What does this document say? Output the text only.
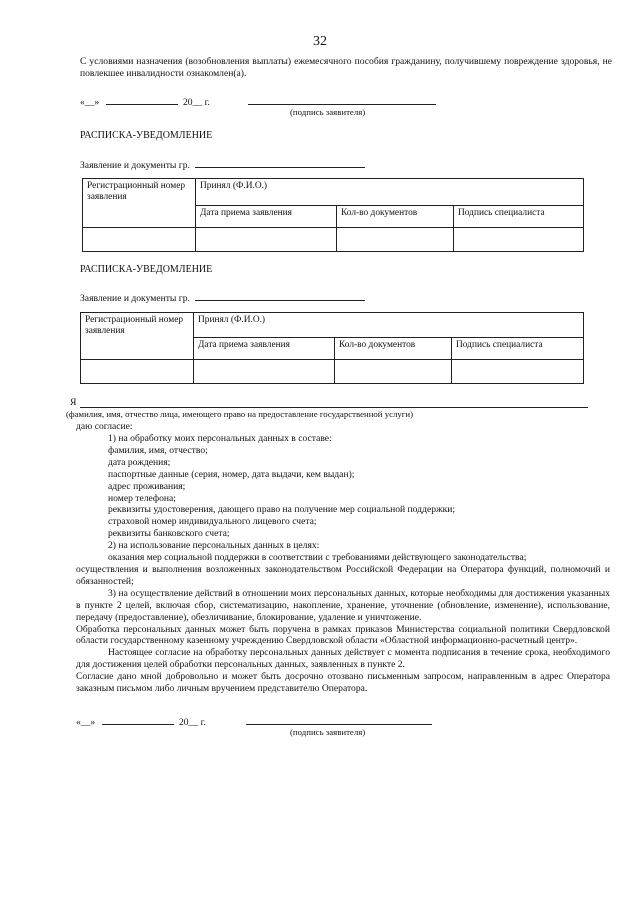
32
С условиями назначения (возобновления выплаты) ежемесячного пособия гражданину, получившему повреждение здоровья, не повлекшее инвалидности ознакомлен(а).
«__»	20__ г.
(подпись заявителя)
РАСПИСКА-УВЕДОМЛЕНИЕ
Заявление и документы гр.
Регистрационный номер заявления	Принял (Ф.И.О.)		
	Дата приема заявления	Кол-во документов	Подпись специалиста

РАСПИСКА-УВЕДОМЛЕНИЕ
Заявление и документы гр.
Регистрационный номер заявления	Принял (Ф.И.О.)		
	Дата приема заявления	Кол-во документов	Подпись специалиста

Я
(фамилия, имя, отчество лица, имеющего право на предоставление государственной услуги)
даю согласие:

1) на обработку моих персональных данных в составе:

фамилия, имя, отчество;

дата рождения;

паспортные данные (серия, номер, дата выдачи, кем выдан);

адрес проживания;

номер телефона;

реквизиты удостоверения, дающего право на получение мер социальной поддержки;

страховой номер индивидуального лицевого счета;

реквизиты банковского счета;

2) на использование персональных данных в целях:

оказания мер социальной поддержки в соответствии с требованиями действующего законодательства;

осуществления и выполнения возложенных законодательством Российской Федерации на Оператора функций, полномочий и обязанностей;

3) на осуществление действий в отношении моих персональных данных, которые необходимы для достижения указанных в пункте 2 целей, включая сбор, систематизацию, накопление, хранение, уточнение (обновление, изменение), использование, передачу (предоставление), обезличивание, блокирование, удаление и уничтожение.

Обработка персональных данных может быть поручена в рамках приказов Министерства социальной политики Свердловской области государственному казенному учреждению Свердловской области «Областной информационно-расчетный центр».

Настоящее согласие на обработку персональных данных действует с момента подписания в течение срока, необходимого для достижения целей обработки персональных данных, заявленных в пункте 2.

Согласие дано мной добровольно и может быть досрочно отозвано письменным запросом, направленным в адрес Оператора заказным письмом либо личным вручением представителю Оператора.

«__»	20__ г.
(подпись заявителя)
